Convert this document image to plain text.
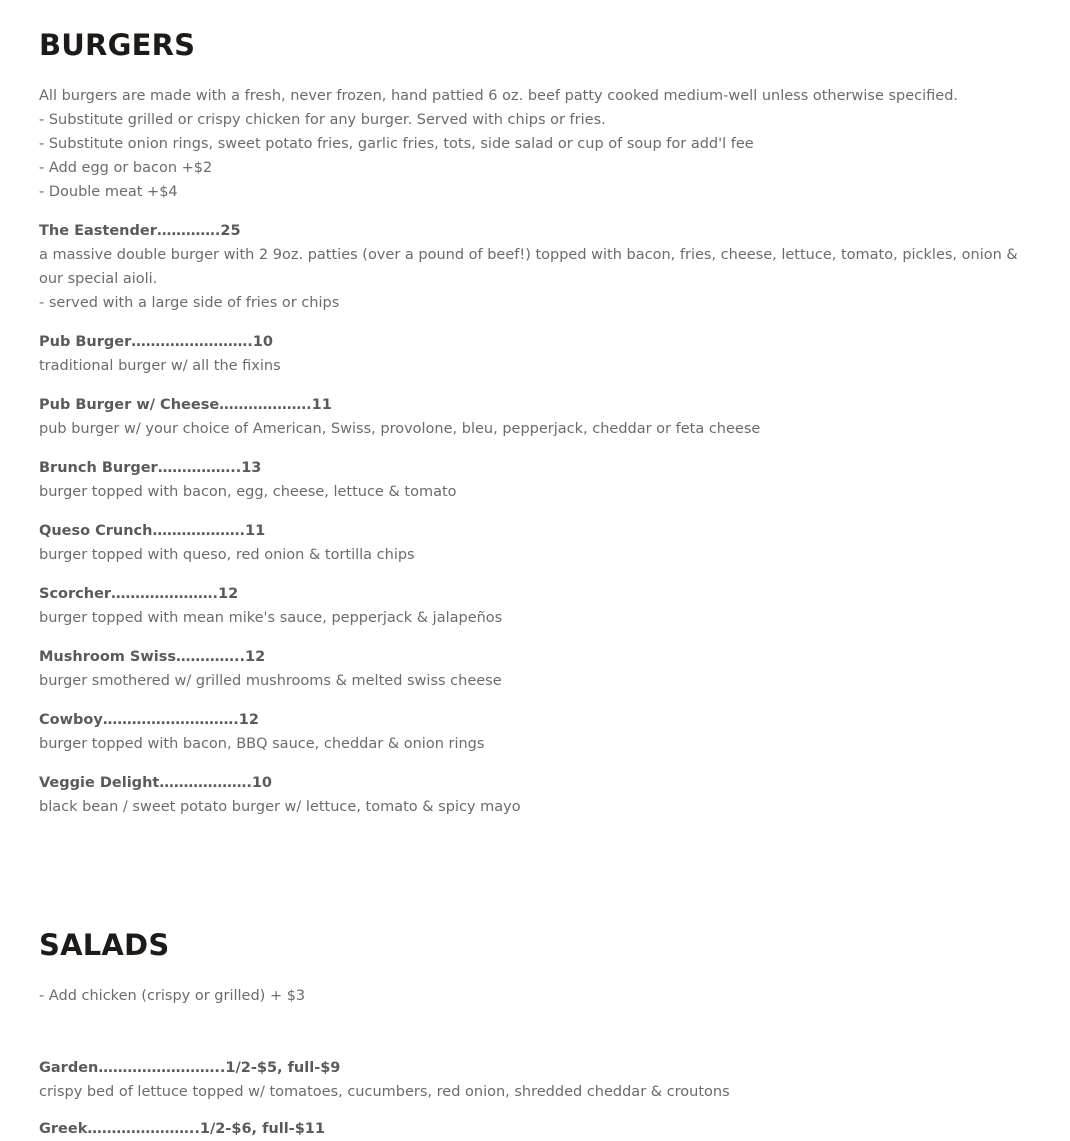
BURGERS

All burgers are made with a fresh, never frozen, hand pattied 6 oz. beef patty cooked medium-well unless otherwise specified.

- Substitute grilled or crispy chicken for any burger. Served with chips or fries.

- Substitute onion rings, sweet potato fries, garlic fries, tots, side salad or cup of soup for add'l fee

- Add egg or bacon +$2

- Double meat +$4

The Eastender………….25

a massive double burger with 2 9oz. patties (over a pound of beef!) topped with bacon, fries, cheese, lettuce, tomato, pickles, onion & our special aioli.

- served with a large side of fries or chips

Pub Burger…………………….10

traditional burger w/ all the fixins

Pub Burger w/ Cheese……………….11

pub burger w/ your choice of American, Swiss, provolone, bleu, pepperjack, cheddar or feta cheese

Brunch Burger……………..13

burger topped with bacon, egg, cheese, lettuce & tomato

Queso Crunch……………….11

burger topped with queso, red onion & tortilla chips

Scorcher………………….12

burger topped with mean mike's sauce, pepperjack & jalapeños

Mushroom Swiss…………..12

burger smothered w/ grilled mushrooms & melted swiss cheese

Cowboy……………………….12

burger topped with bacon, BBQ sauce, cheddar & onion rings

Veggie Delight……………….10

black bean / sweet potato burger w/ lettuce, tomato & spicy mayo

SALADS

- Add chicken (crispy or grilled) + $3

Garden……………………..1/2-$5, full-$9

crispy bed of lettuce topped w/ tomatoes, cucumbers, red onion, shredded cheddar & croutons

Greek…………………..1/2-$6, full-$11
